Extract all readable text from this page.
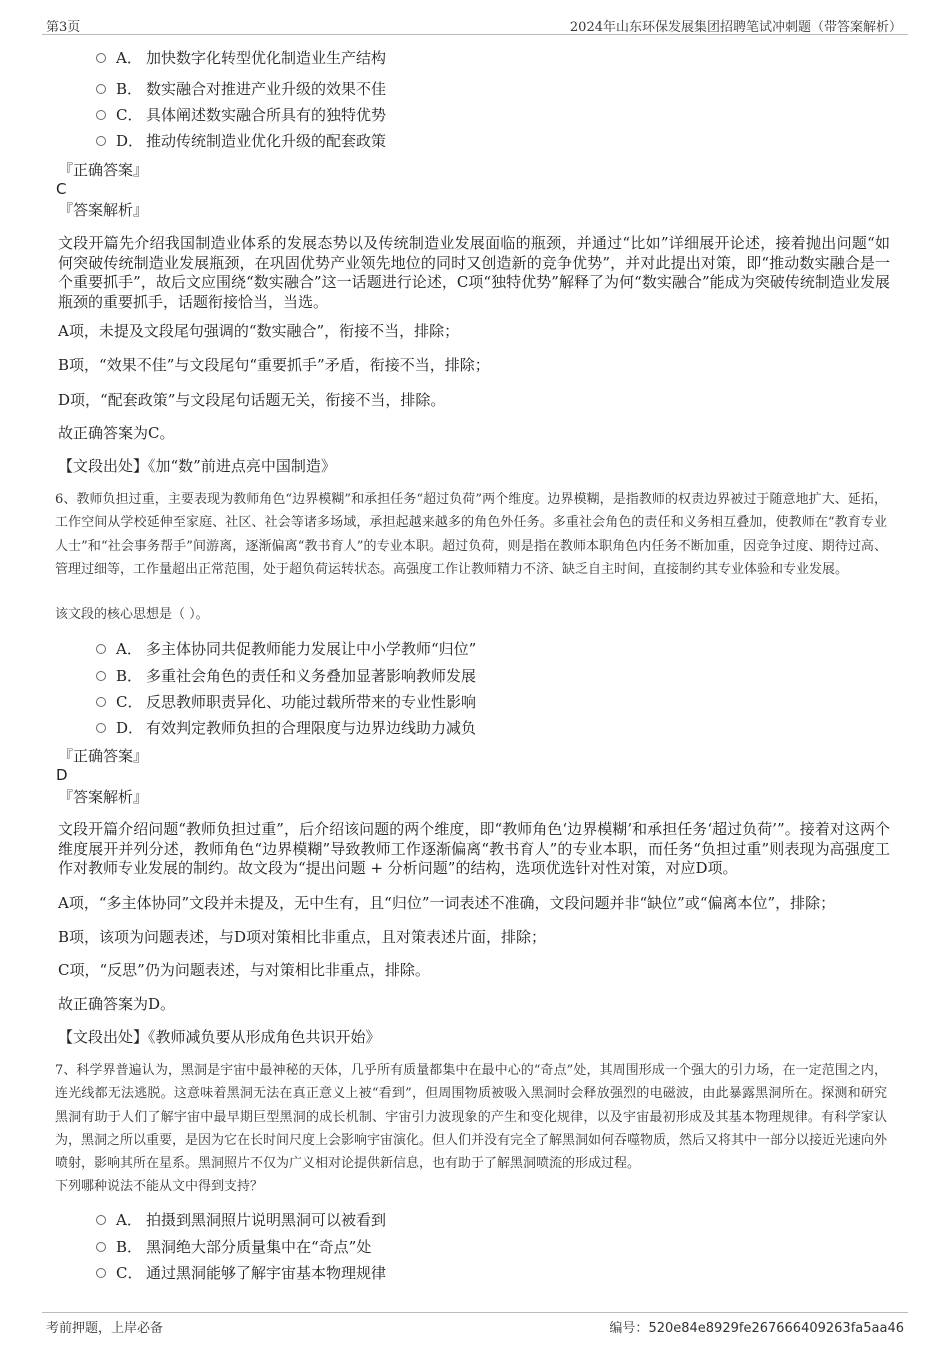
第3页	2024年山东环保发展集团招聘笔试冲刺题（带答案解析）
A． 加快数字化转型优化制造业生产结构
B． 数实融合对推进产业升级的效果不佳
C． 具体阐述数实融合所具有的独特优势
D． 推动传统制造业优化升级的配套政策
『正确答案』
C
『答案解析』
文段开篇先介绍我国制造业体系的发展态势以及传统制造业发展面临的瓶颈，并通过“比如”详细展开论述，接着抛出问题“如何突破传统制造业发展瓶颈，在巩固优势产业领先地位的同时又创造新的竞争优势”，并对此提出对策，即“推动数实融合是一个重要抓手”，故后文应围绕“数实融合”这一话题进行论述，C项“独特优势”解释了为何“数实融合”能成为突破传统制造业发展瓶颈的重要抓手，话题衔接恰当，当选。
A项，未提及文段尾句强调的“数实融合”，衔接不当，排除；
B项，“效果不佳”与文段尾句“重要抓手”矛盾，衔接不当，排除；
D项，“配套政策”与文段尾句话题无关，衔接不当，排除。
故正确答案为C。
【文段出处】《加“数”前进点亮中国制造》
6、教师负担过重，主要表现为教师角色“边界模糊”和承担任务“超过负荷”两个维度。边界模糊，是指教师的权责边界被过于随意地扩大、延拓，工作空间从学校延伸至家庭、社区、社会等诸多场域，承担起越来越多的角色外任务。多重社会角色的责任和义务相互叠加，使教师在“教育专业人士”和“社会事务帮手”间游离，逐渐偏离“教书育人”的专业本职。超过负荷，则是指在教师本职角色内任务不断加重，因竞争过度、期待过高、管理过细等，工作量超出正常范围，处于超负荷运转状态。高强度工作让教师精力不济、缺乏自主时间，直接制约其专业体验和专业发展。
该文段的核心思想是（ ）。
A． 多主体协同共促教师能力发展让中小学教师“归位”
B． 多重社会角色的责任和义务叠加显著影响教师发展
C． 反思教师职责异化、功能过载所带来的专业性影响
D． 有效判定教师负担的合理限度与边界边线助力减负
『正确答案』
D
『答案解析』
文段开篇介绍问题“教师负担过重”，后介绍该问题的两个维度，即“教师角色‘边界模糊’和承担任务‘超过负荷’”。接着对这两个维度展开并列分述，教师角色“边界模糊”导致教师工作逐渐偏离“教书育人”的专业本职，而任务“负担过重”则表现为高强度工作对教师专业发展的制约。故文段为“提出问题 + 分析问题”的结构，选项优选针对性对策，对应D项。
A项，“多主体协同”文段并未提及，无中生有，且“归位”一词表述不准确，文段问题并非“缺位”或“偏离本位”，排除；
B项，该项为问题表述，与D项对策相比非重点，且对策表述片面，排除；
C项，“反思”仍为问题表述，与对策相比非重点，排除。
故正确答案为D。
【文段出处】《教师减负要从形成角色共识开始》
7、科学界普遍认为，黑洞是宇宙中最神秘的天体，几乎所有质量都集中在最中心的“奇点”处，其周围形成一个强大的引力场，在一定范围之内，连光线都无法逃脱。这意味着黑洞无法在真正意义上被“看到”，但周围物质被吸入黑洞时会释放强烈的电磁波，由此暴露黑洞所在。探测和研究黑洞有助于人们了解宇宙中最早期巨型黑洞的成长机制、宇宙引力波现象的产生和变化规律，以及宇宙最初形成及其基本物理规律。有科学家认为，黑洞之所以重要，是因为它在长时间尺度上会影响宇宙演化。但人们并没有完全了解黑洞如何吞噬物质，然后又将其中一部分以接近光速向外喷射，影响其所在星系。黑洞照片不仅为广义相对论提供新信息，也有助于了解黑洞喷流的形成过程。
下列哪种说法不能从文中得到支持？
A． 拍摄到黑洞照片说明黑洞可以被看到
B． 黑洞绝大部分质量集中在“奇点”处
C． 通过黑洞能够了解宇宙基本物理规律
考前押题，上岸必备	编号：520e84e8929fe267666409263fa5aa46
